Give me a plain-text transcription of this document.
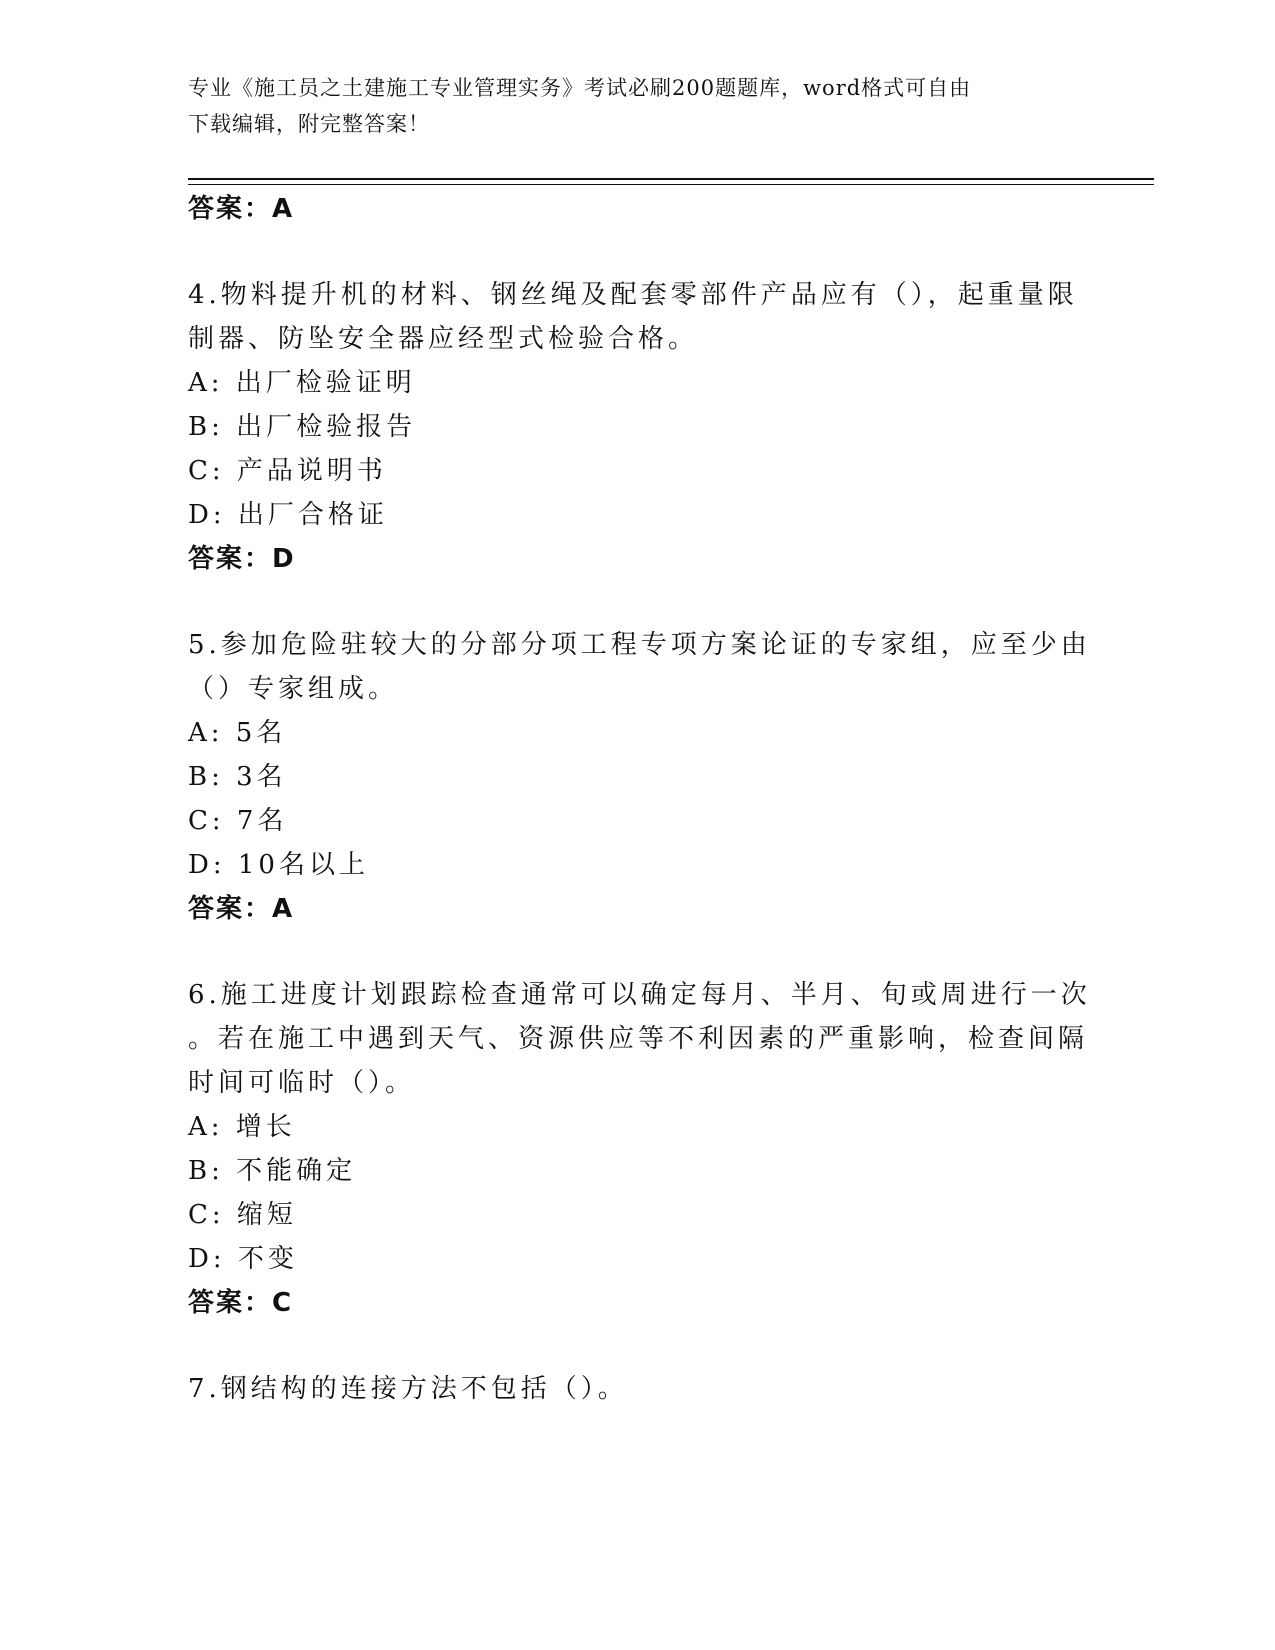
专业《施工员之土建施工专业管理实务》考试必刷200题题库，word格式可自由
下载编辑，附完整答案！
答案：A
4.物料提升机的材料、钢丝绳及配套零部件产品应有（），起重量限
制器、防坠安全器应经型式检验合格。
A: 出厂检验证明
B: 出厂检验报告
C: 产品说明书
D: 出厂合格证
答案：D
5.参加危险驻较大的分部分项工程专项方案论证的专家组，应至少由
（）专家组成。
A: 5名
B: 3名
C: 7名
D: 10名以上
答案：A
6.施工进度计划跟踪检查通常可以确定每月、半月、旬或周进行一次
。若在施工中遇到天气、资源供应等不利因素的严重影响，检查间隔
时间可临时（）。
A: 增长
B: 不能确定
C: 缩短
D: 不变
答案：C
7.钢结构的连接方法不包括（）。
